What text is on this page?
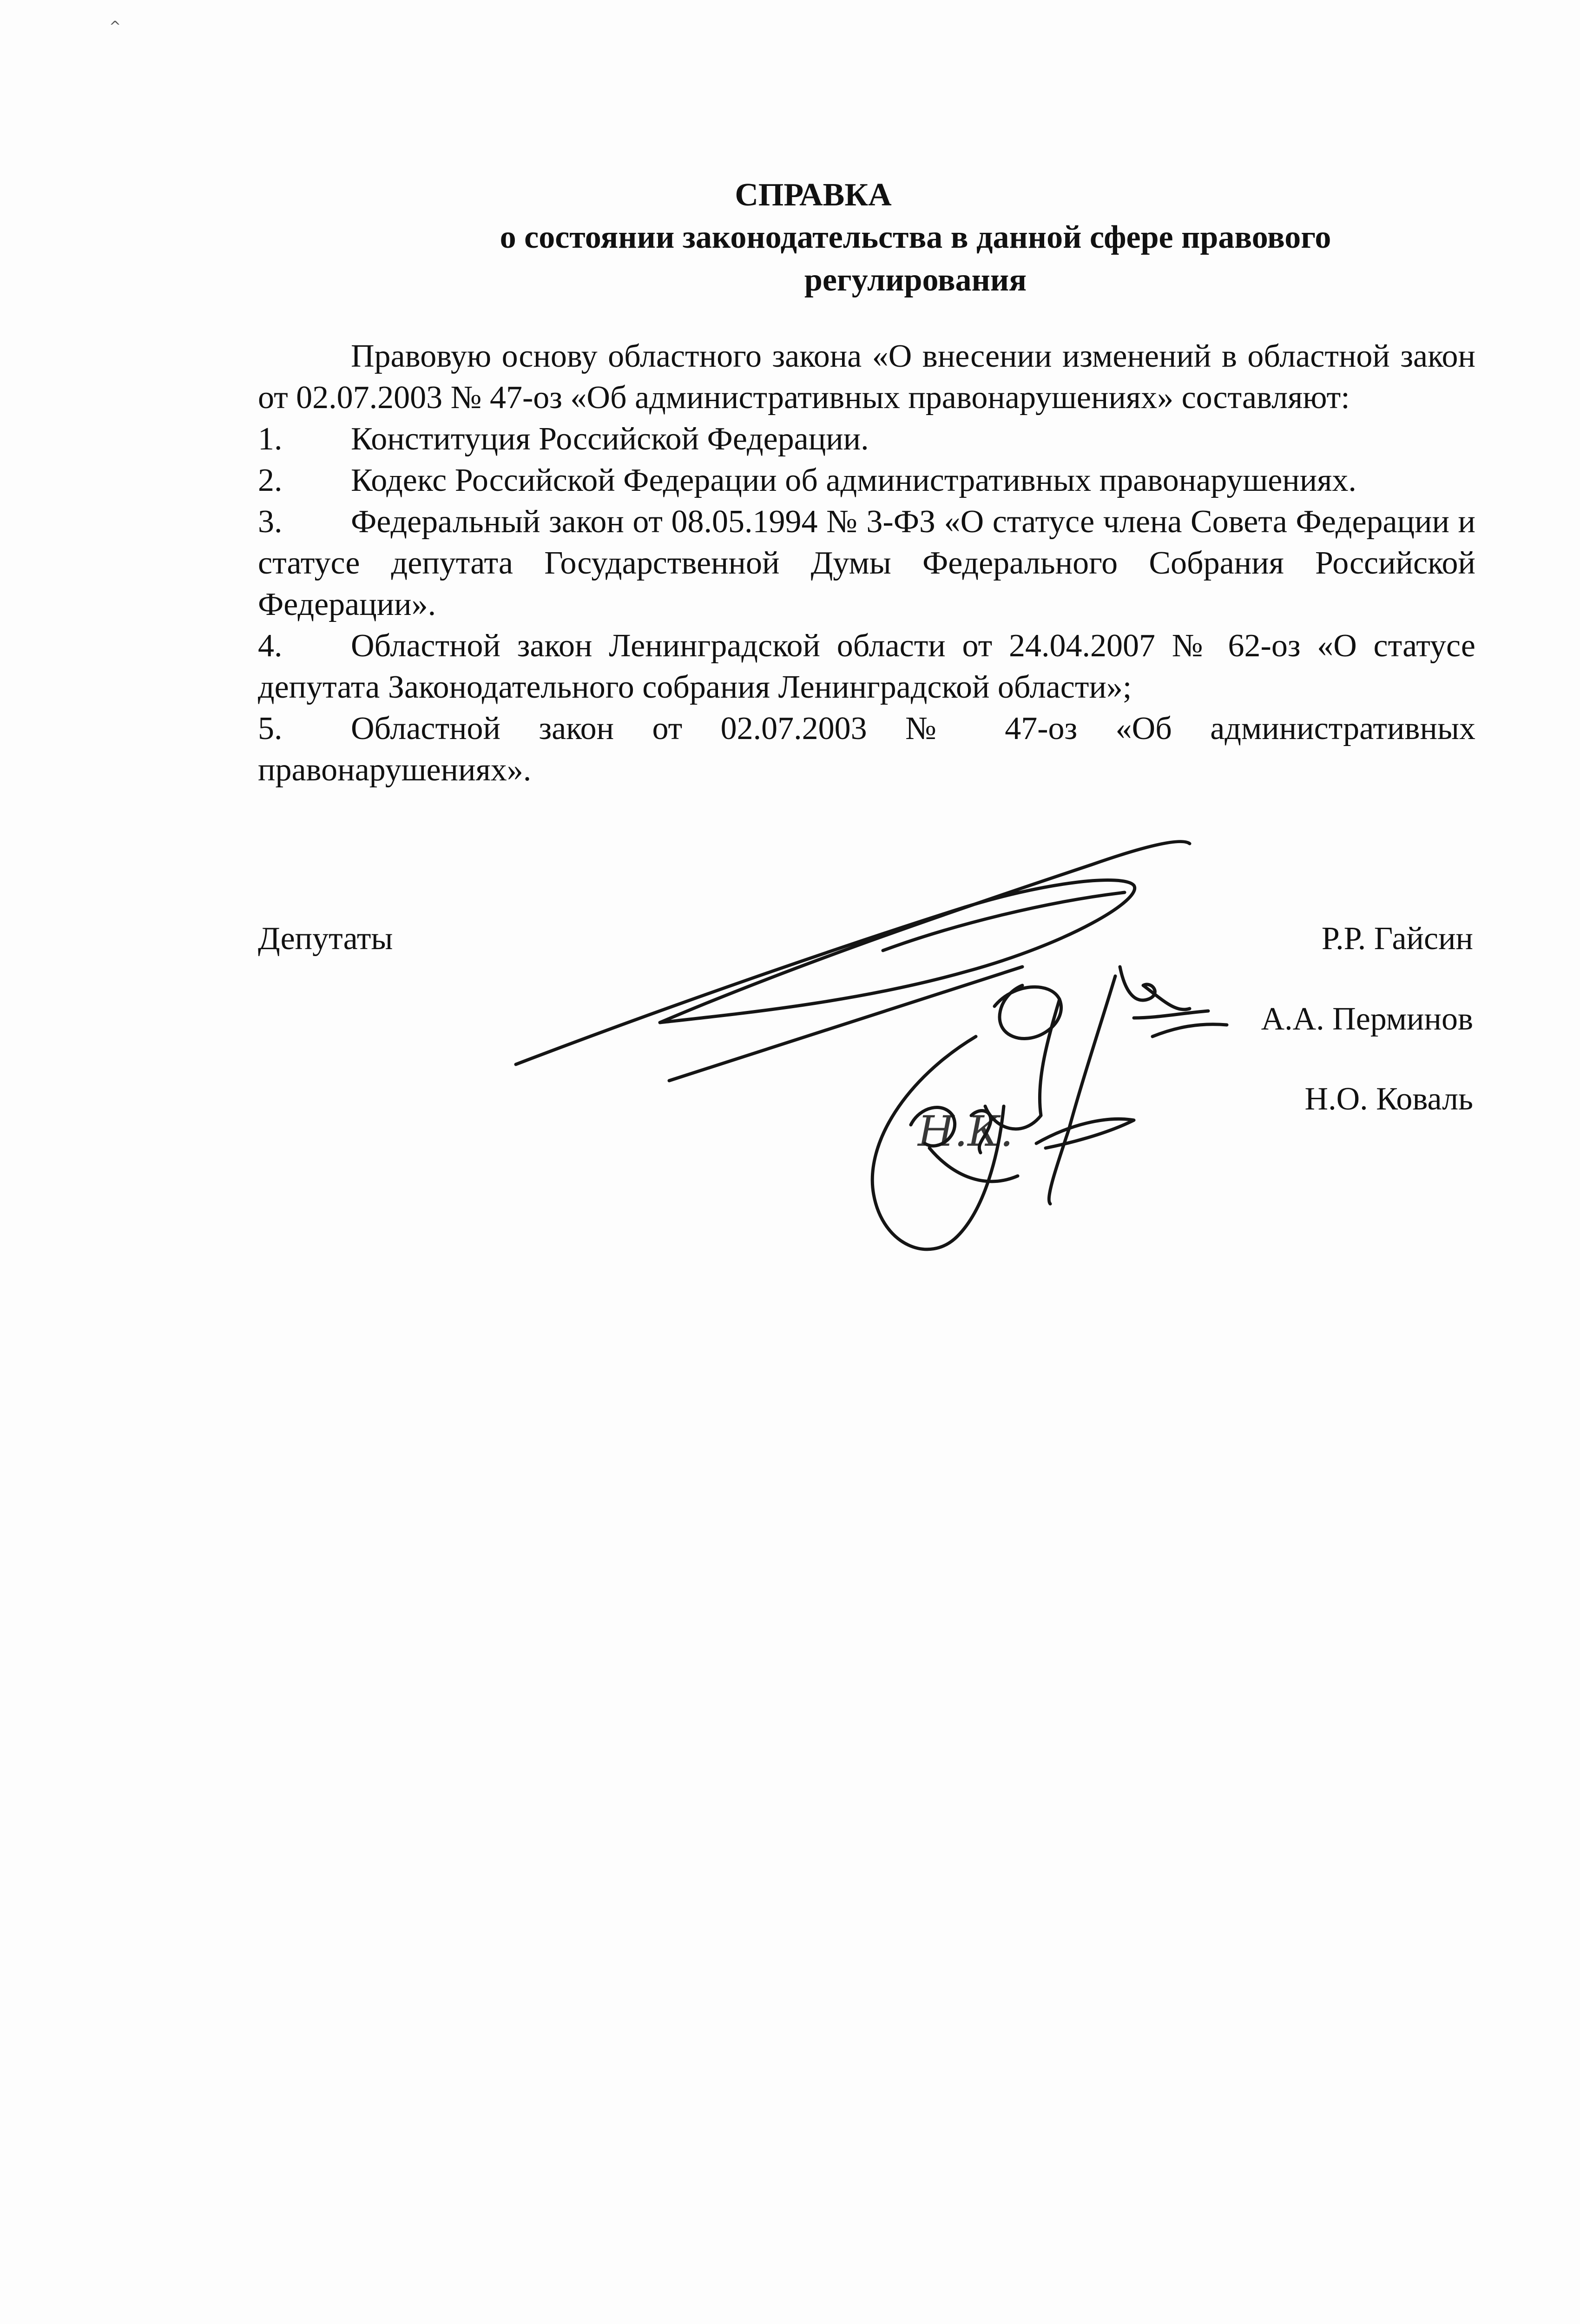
^

СПРАВКА

о состоянии законодательства в данной сфере правового
регулирования

Правовую основу областного закона «О внесении изменений в областной закон от 02.07.2003 № 47-оз «Об административных правонарушениях» составляют:

1. Конституция Российской Федерации.

2. Кодекс Российской Федерации об административных правонарушениях.

3. Федеральный закон от 08.05.1994 № 3-ФЗ «О статусе члена Совета Федерации и статусе депутата Государственной Думы Федерального Собрания Российской Федерации».

4. Областной закон Ленинградской области от 24.04.2007 № 62-оз «О статусе депутата Законодательного собрания Ленинградской области»;

5. Областной закон от 02.07.2003 № 47-оз «Об административных правонарушениях».

Депутаты	Р.Р. Гайсин

А.А. Перминов

Н.О. Коваль

Н.К.
